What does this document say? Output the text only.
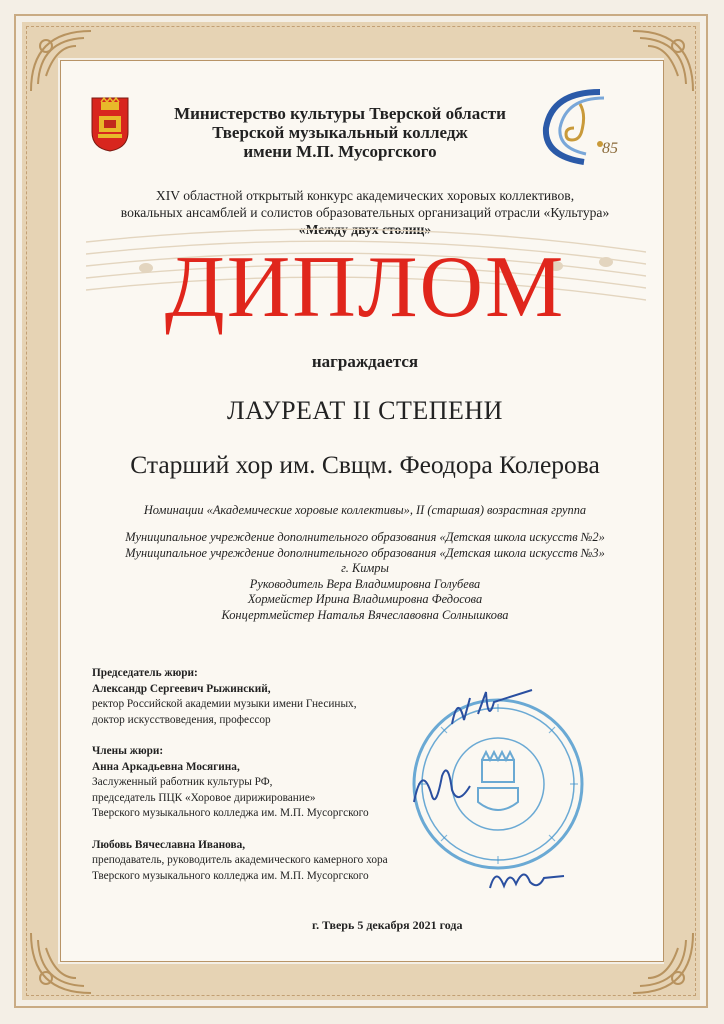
85
Министерство культуры Тверской области
Тверской музыкальный колледж
имени М.П. Мусоргского
XIV областной открытый конкурс академических хоровых коллективов,
вокальных ансамблей и солистов образовательных организаций отрасли «Культура»
«Между двух столиц»
ДИПЛОМ
награждается
ЛАУРЕАТ II СТЕПЕНИ
Старший хор им. Свщм. Феодора Колерова
Номинации «Академические хоровые коллективы», II (старшая) возрастная группа
Муниципальное учреждение дополнительного образования «Детская школа искусств №2»
Муниципальное учреждение дополнительного образования «Детская школа искусств №3»
г. Кимры
Руководитель Вера Владимировна Голубева
Хормейстер Ирина Владимировна Федосова
Концертмейстер Наталья Вячеславовна Солнышкова
Председатель жюри:
Александр Сергеевич Рыжинский,
ректор Российской академии музыки имени Гнесиных,
доктор искусствоведения, профессор
Члены жюри:
Анна Аркадьевна Мосягина,
Заслуженный работник культуры РФ,
председатель ПЦК «Хоровое дирижирование»
Тверского музыкального колледжа им. М.П. Мусоргского
Любовь Вячеславна Иванова,
преподаватель, руководитель академического камерного хора
Тверского музыкального колледжа им. М.П. Мусоргского
г. Тверь 5 декабря 2021 года
